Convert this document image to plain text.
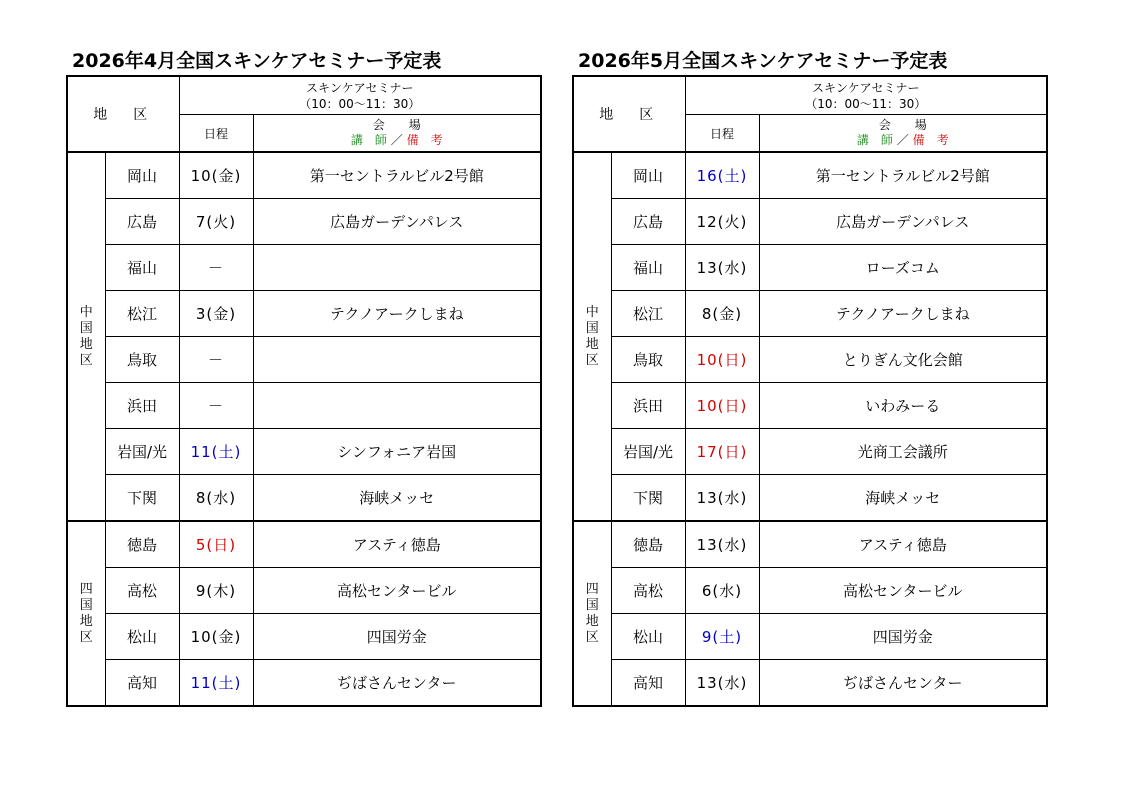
2026年4月全国スキンケアセミナー予定表
地　区		スキンケアセミナー
（10：00～11：30）	

		日程	会　　場
講　師 ／ 備　考

中
国
地
区	岡山	10(金)	第一セントラルビル2号館
	広島	7(火)	広島ガーデンパレス
	福山	－	
	松江	3(金)	テクノアークしまね
	鳥取	－	
	浜田	－	
	岩国/光	11(土)	シンフォニア岩国
	下関	8(水)	海峡メッセ

四
国
地
区	徳島	5(日)	アスティ徳島
	高松	9(木)	高松センタービル
	松山	10(金)	四国労金
	高知	11(土)	ぢばさんセンター
2026年5月全国スキンケアセミナー予定表
地　区		スキンケアセミナー
（10：00～11：30）	

		日程	会　　場
講　師 ／ 備　考

中
国
地
区	岡山	16(土)	第一セントラルビル2号館
	広島	12(火)	広島ガーデンパレス
	福山	13(水)	ローズコム
	松江	8(金)	テクノアークしまね
	鳥取	10(日)	とりぎん文化会館
	浜田	10(日)	いわみーる
	岩国/光	17(日)	光商工会議所
	下関	13(水)	海峡メッセ

四
国
地
区	徳島	13(水)	アスティ徳島
	高松	6(水)	高松センタービル
	松山	9(土)	四国労金
	高知	13(水)	ぢばさんセンター
